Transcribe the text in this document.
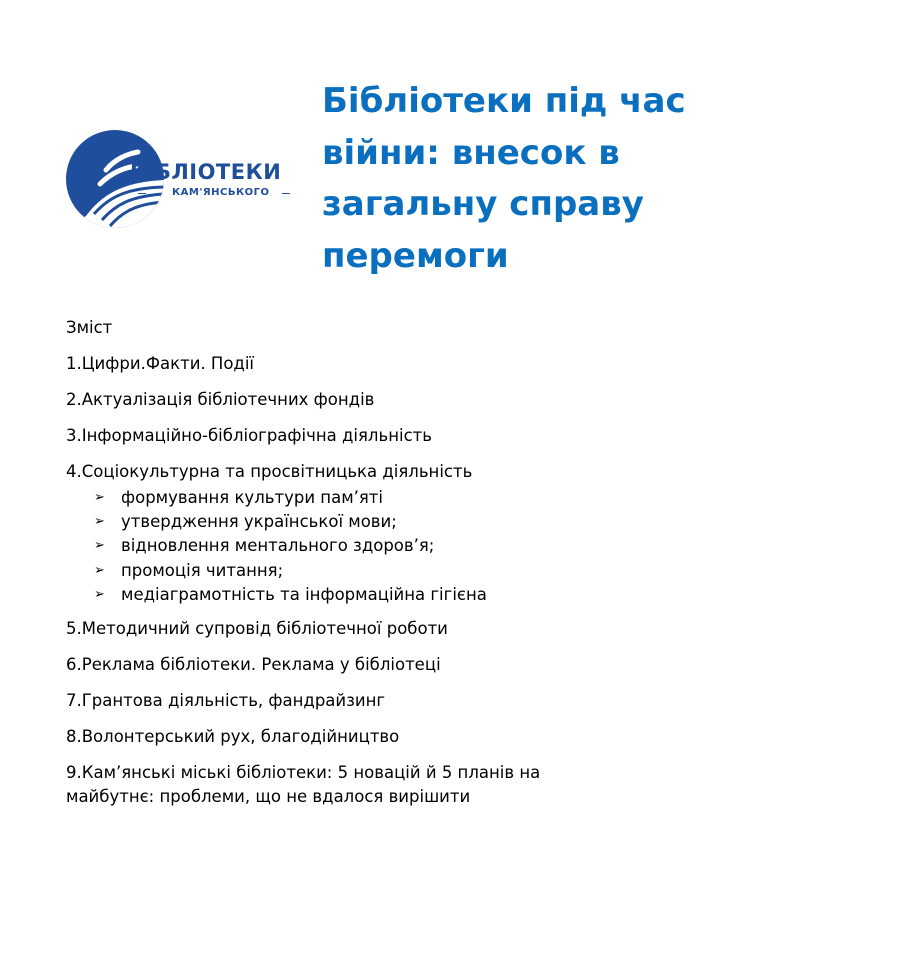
БІБЛІОТЕКИ
КАМ'ЯНСЬКОГО
Бібліотеки під час
війни: внесок в
загальну справу
перемоги

Зміст

1.Цифри.Факти. Події

2.Актуалізація бібліотечних фондів

3.Інформаційно-бібліографічна діяльність

4.Соціокультурна та просвітницька діяльність

➢ формування культури пам’яті
➢ утвердження української мови;
➢ відновлення ментального здоров’я;
➢ промоція читання;
➢ медіаграмотність та інформаційна гігієна

5.Методичний супровід бібліотечної роботи

6.Реклама бібліотеки. Реклама у бібліотеці

7.Грантова діяльність, фандрайзинг

8.Волонтерський рух, благодійництво

9.Кам’янські міські бібліотеки: 5 новацій й 5 планів на майбутнє: проблеми, що не вдалося вирішити
